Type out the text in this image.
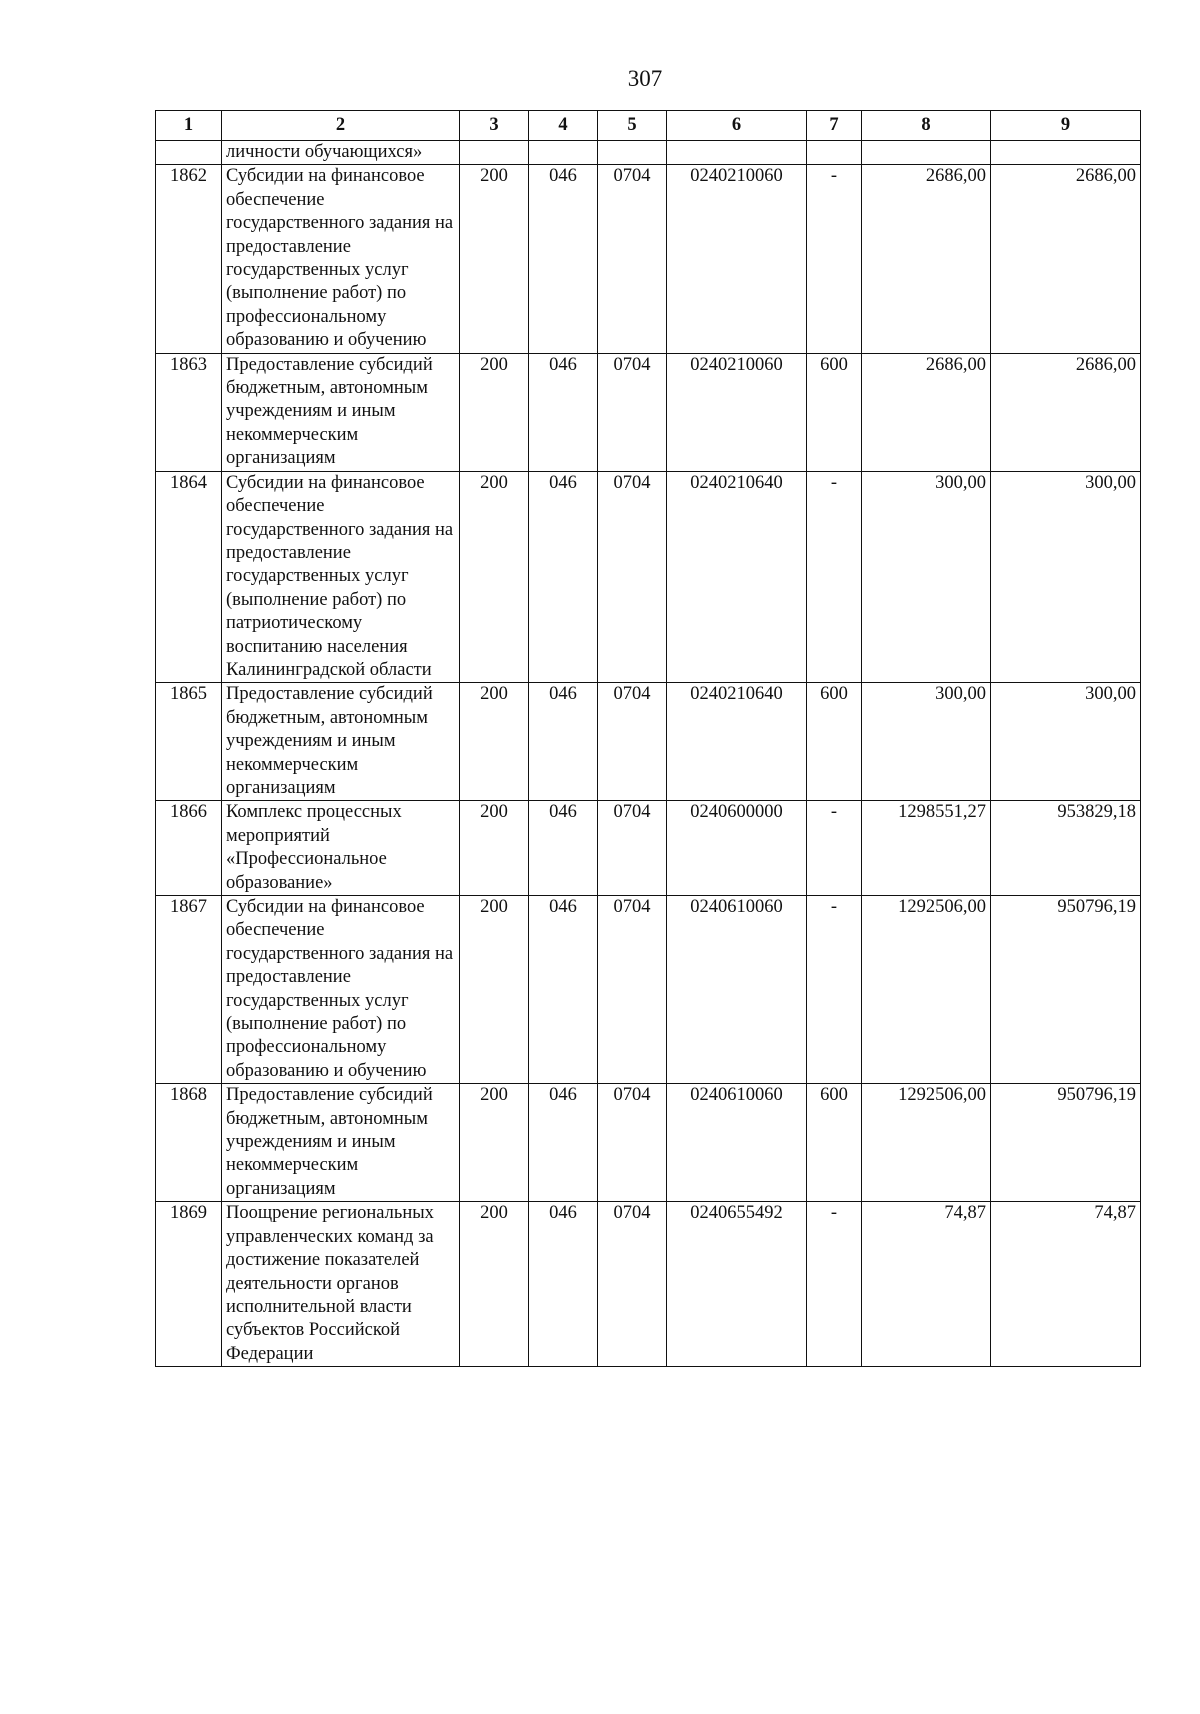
307
1	2	3	4	5	6	7	8	9
	личности обучающихся»							
1862	Субсидии на финансовое обеспечение государственного задания на предоставление государственных услуг (выполнение работ) по профессиональному образованию и обучению	200	046	0704	0240210060	-	2686,00	2686,00
1863	Предоставление субсидий бюджетным, автономным учреждениям и иным некоммерческим организациям	200	046	0704	0240210060	600	2686,00	2686,00
1864	Субсидии на финансовое обеспечение государственного задания на предоставление государственных услуг (выполнение работ) по патриотическому воспитанию населения Калининградской области	200	046	0704	0240210640	-	300,00	300,00
1865	Предоставление субсидий бюджетным, автономным учреждениям и иным некоммерческим организациям	200	046	0704	0240210640	600	300,00	300,00
1866	Комплекс процессных мероприятий «Профессиональное образование»	200	046	0704	0240600000	-	1298551,27	953829,18
1867	Субсидии на финансовое обеспечение государственного задания на предоставление государственных услуг (выполнение работ) по профессиональному образованию и обучению	200	046	0704	0240610060	-	1292506,00	950796,19
1868	Предоставление субсидий бюджетным, автономным учреждениям и иным некоммерческим организациям	200	046	0704	0240610060	600	1292506,00	950796,19
1869	Поощрение региональных управленческих команд за достижение показателей деятельности органов исполнительной власти субъектов Российской Федерации	200	046	0704	0240655492	-	74,87	74,87
